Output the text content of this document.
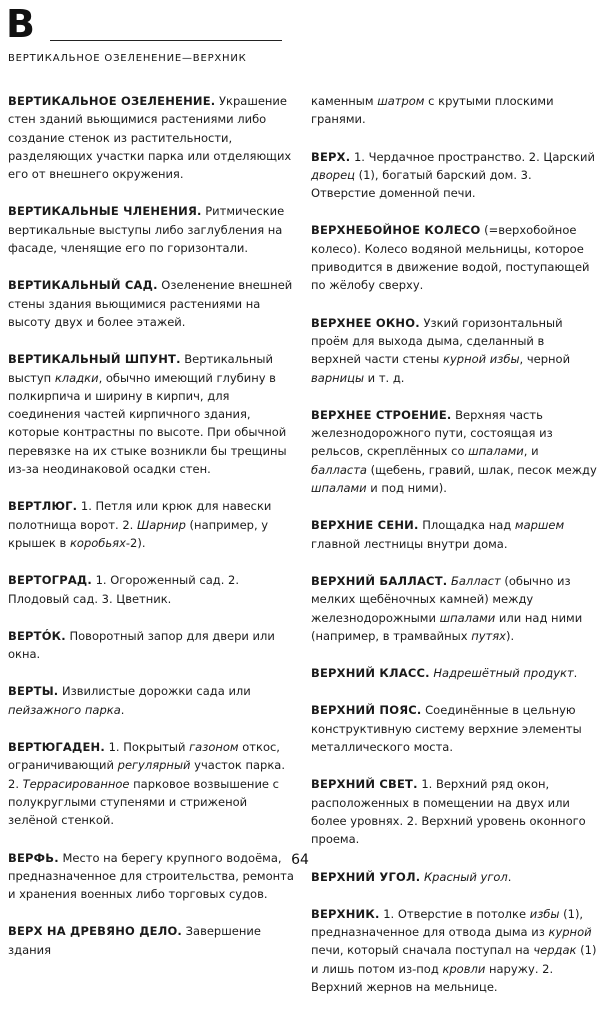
В
ВЕРТИКАЛЬНОЕ ОЗЕЛЕНЕНИЕ—ВЕРХНИК

ВЕРТИКАЛЬНОЕ ОЗЕЛЕНЕНИЕ. Украшение стен зданий вьющимися растениями либо создание стенок из растительности, разделяющих участки парка или отделяющих его от внешнего окружения.

ВЕРТИКАЛЬНЫЕ ЧЛЕНЕНИЯ. Ритмические вертикальные выступы либо заглубления на фасаде, членящие его по горизонтали.

ВЕРТИКАЛЬНЫЙ САД. Озеленение внешней стены здания вьющимися растениями на высоту двух и более этажей.

ВЕРТИКАЛЬНЫЙ ШПУНТ. Вертикальный выступ кладки, обычно имеющий глубину в полкирпича и ширину в кирпич, для соединения частей кирпичного здания, которые контрастны по высоте. При обычной перевязке на их стыке возникли бы трещины из-за неодинаковой осадки стен.

ВЕРТЛЮГ. 1. Петля или крюк для навески полотнища ворот. 2. Шарнир (например, у крышек в коробьях-2).

ВЕРТОГРАД. 1. Огороженный сад. 2. Плодовый сад. 3. Цветник.

ВЕРТÓК. Поворотный запор для двери или окна.

ВЕРТЫ. Извилистые дорожки сада или пейзажного парка.

ВЕРТЮГАДЕН. 1. Покрытый газоном откос, ограничивающий регулярный участок парка. 2. Террасированное парковое возвышение с полукруглыми ступенями и стриженой зелёной стенкой.

ВЕРФЬ. Место на берегу крупного водоёма, предназначенное для строительства, ремонта и хранения военных либо торговых судов.

ВЕРХ НА ДРЕВЯНО ДЕЛО. Завершение здания

каменным шатром с крутыми плоскими гранями.

ВЕРХ. 1. Чердачное пространство. 2. Царский дворец (1), богатый барский дом. 3. Отверстие доменной печи.

ВЕРХНЕБОЙНОЕ КОЛЕСО (=верхобойное колесо). Колесо водяной мельницы, которое приводится в движение водой, поступающей по жёлобу сверху.

ВЕРХНЕЕ ОКНО. Узкий горизонтальный проём для выхода дыма, сделанный в верхней части стены курной избы, черной варницы и т. д.

ВЕРХНЕЕ СТРОЕНИЕ. Верхняя часть железнодорожного пути, состоящая из рельсов, скреплённых со шпалами, и балласта (щебень, гравий, шлак, песок между шпалами и под ними).

ВЕРХНИЕ СЕНИ. Площадка над маршем главной лестницы внутри дома.

ВЕРХНИЙ БАЛЛАСТ. Балласт (обычно из мелких щебёночных камней) между железнодорожными шпалами или над ними (например, в трамвайных путях).

ВЕРХНИЙ КЛАСС. Надрешётный продукт.

ВЕРХНИЙ ПОЯС. Соединённые в цельную конструктивную систему верхние элементы металлического моста.

ВЕРХНИЙ СВЕТ. 1. Верхний ряд окон, расположенных в помещении на двух или более уровнях. 2. Верхний уровень оконного проема.

ВЕРХНИЙ УГОЛ. Красный угол.

ВЕРХНИК. 1. Отверстие в потолке избы (1), предназначенное для отвода дыма из курной печи, который сначала поступал на чердак (1) и лишь потом из-под кровли наружу. 2. Верхний жернов на мельнице.

64
